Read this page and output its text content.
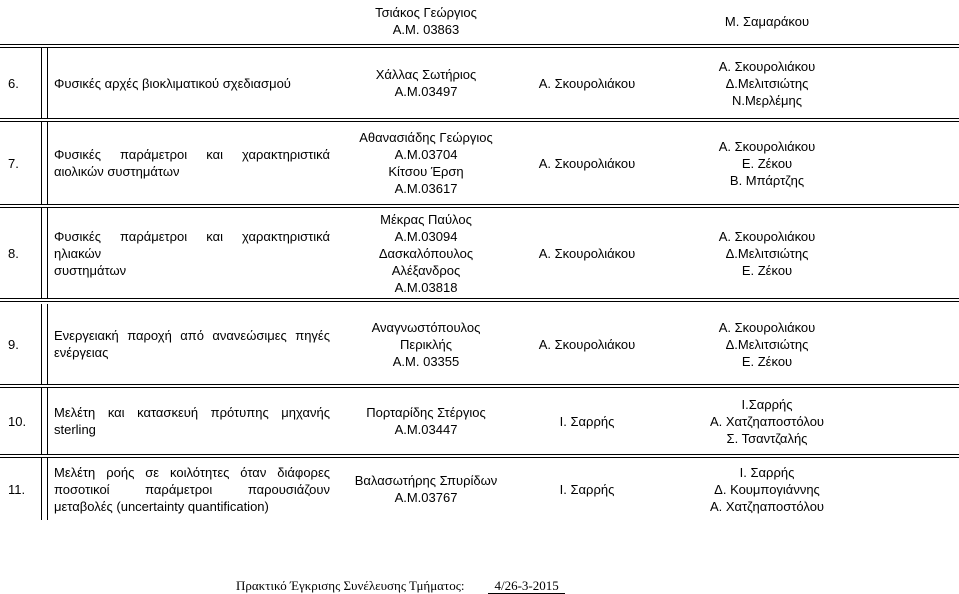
Τσιάκος Γεώργιος
Α.Μ. 03863
Μ. Σαμαράκου
6.	Φυσικές αρχές βιοκλιματικού σχεδιασμού
Χάλλας Σωτήριος
Α.Μ.03497
Α. Σκουρολιάκου
Α. Σκουρολιάκου
Δ.Μελιτσιώτης
Ν.Μερλέμης
7.
Φυσικές παράμετροι και χαρακτηριστικά
αιολικών συστημάτων
Αθανασιάδης Γεώργιος
Α.Μ.03704
Κίτσου Έρση
Α.Μ.03617
Α. Σκουρολιάκου
Α. Σκουρολιάκου
Ε. Ζέκου
Β. Μπάρτζης
8.
Φυσικές παράμετροι και χαρακτηριστικά ηλιακών
συστημάτων
Μέκρας Παύλος
Α.Μ.03094
Δασκαλόπουλος
Αλέξανδρος
Α.Μ.03818
Α. Σκουρολιάκου
Α. Σκουρολιάκου
Δ.Μελιτσιώτης
Ε. Ζέκου
9.
Ενεργειακή παροχή από ανανεώσιμες πηγές
ενέργειας
Αναγνωστόπουλος
Περικλής
Α.Μ. 03355
Α. Σκουρολιάκου
Α. Σκουρολιάκου
Δ.Μελιτσιώτης
Ε. Ζέκου
10.
Μελέτη και κατασκευή πρότυπης μηχανής
sterling
Πορταρίδης Στέργιος
Α.Μ.03447
Ι. Σαρρής
Ι.Σαρρής
Α. Χατζηαποστόλου
Σ. Τσαντζαλής
11.
Μελέτη ροής σε κοιλότητες όταν διάφορες
ποσοτικοί παράμετροι παρουσιάζουν
μεταβολές (uncertainty quantification)
Βαλασωτήρης Σπυρίδων
Α.Μ.03767
Ι. Σαρρής
Ι. Σαρρής
Δ. Κουμπογιάννης
Α. Χατζηαποστόλου
Πρακτικό Έγκρισης Συνέλευσης Τμήματος:	4/26-3-2015
